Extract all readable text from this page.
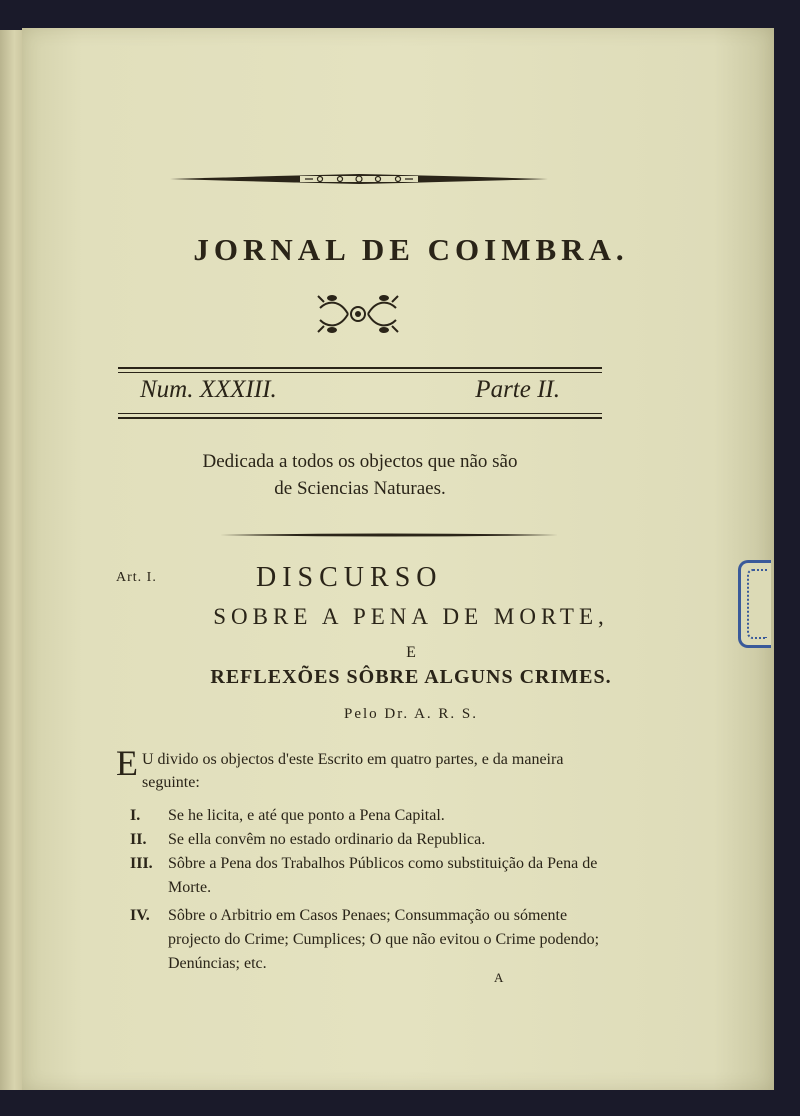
JORNAL DE COIMBRA.
Num. XXXIII.	Parte II.
Dedicada a todos os objectos que não são
de Sciencias Naturaes.
Art. I.	DISCURSO
SOBRE A PENA DE MORTE,
E
REFLEXÕES SÔBRE ALGUNS CRIMES.
Pelo Dr. A. R. S.
E U divido os objectos d'este Escrito em quatro partes, e da maneira seguinte:
I. Se he licita, e até que ponto a Pena Capital.
II. Se ella convêm no estado ordinario da Republica.
III. Sôbre a Pena dos Trabalhos Públicos como substituição da Pena de Morte.
IV. Sôbre o Arbitrio em Casos Penaes; Consummação ou sómente projecto do Crime; Cumplices; O que não evitou o Crime podendo; Denúncias; etc.
A
